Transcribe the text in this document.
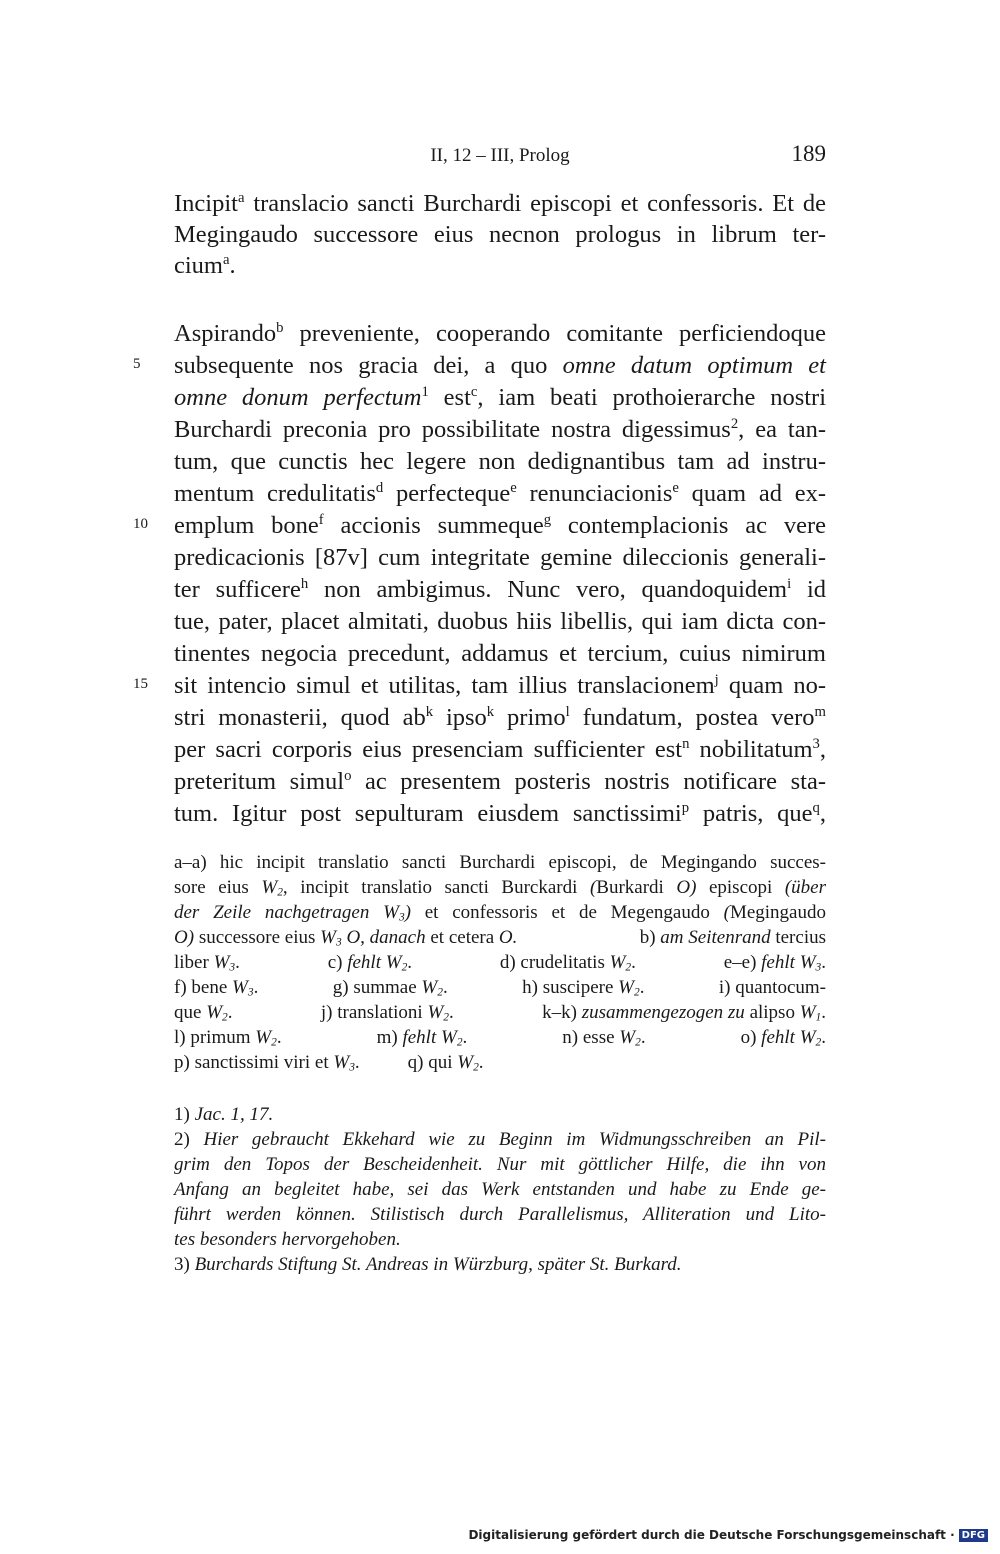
II, 12 – III, Prolog	189
Incipit$^a$ translacio sancti Burchardi episcopi et confessoris. Et de
Megingaudo successore eius necnon prologus in librum ter-
cium$^a$.
5
10
15
Aspirando$^b$ preveniente, cooperando comitante perficiendoque
subsequente nos gracia dei, a quo omne datum optimum et
omne donum perfectum$^1$ est$^c$, iam beati prothoierarche nostri
Burchardi preconia pro possibilitate nostra digessimus$^2$, ea tan-
tum, que cunctis hec legere non dedignantibus tam ad instru-
mentum credulitatis$^d$ perfecteque$^e$ renunciacionis$^e$ quam ad ex-
emplum bone$^f$ accionis summeque$^g$ contemplacionis ac vere
predicacionis [87v] cum integritate gemine dileccionis generali-
ter sufficere$^h$ non ambigimus. Nunc vero, quandoquidem$^i$ id
tue, pater, placet almitati, duobus hiis libellis, qui iam dicta con-
tinentes negocia precedunt, addamus et tercium, cuius nimirum
sit intencio simul et utilitas, tam illius translacionem$^j$ quam no-
stri monasterii, quod $ab^k$ ipso$^k$ primo$^l$ fundatum, postea vero$^m$
per sacri corporis eius presenciam sufficienter est$^n$ nobilitatum$^3$,
preteritum simul$^o$ ac presentem posteris nostris notificare sta-
tum. Igitur post sepulturam eiusdem sanctissimi$^p$ patris, que$^q$,
a–a) hic incipit translatio sancti Burchardi episcopi, de Megingando succes-
sore eius $W_2$, incipit translatio sancti Burckardi (Burkardi O) episcopi (über
der Zeile nachgetragen $W_3$) et confessoris et de Megengaudo (Megingaudo
O) successore eius $W_3$ O, danach et cetera O.	b) am Seitenrand tercius
liber $W_3$.	c) fehlt $W_2$.	d) crudelitatis $W_2$.	e–e) fehlt $W_3$.
f) bene $W_3$.	g) summae $W_2$.	h) suscipere $W_2$.	i) quantocum-
que $W_2$.	j) translationi $W_2$.	k–k) zusammengezogen zu alipso $W_1$.
l) primum $W_2$.	m) fehlt $W_2$.	n) esse $W_2$.	o) fehlt $W_2$.
p) sanctissimi viri et $W_3$.	q) qui $W_2$.
1) Jac. 1, 17.
2) Hier gebraucht Ekkehard wie zu Beginn im Widmungsschreiben an Pil-
grim den Topos der Bescheidenheit. Nur mit göttlicher Hilfe, die ihn von
Anfang an begleitet habe, sei das Werk entstanden und habe zu Ende ge-
führt werden können. Stilistisch durch Parallelismus, Alliteration und Lito-
tes besonders hervorgehoben.
3) Burchards Stiftung St. Andreas in Würzburg, später St. Burkard.
Digitalisierung gefördert durch die Deutsche Forschungsgemeinschaft · DFG
